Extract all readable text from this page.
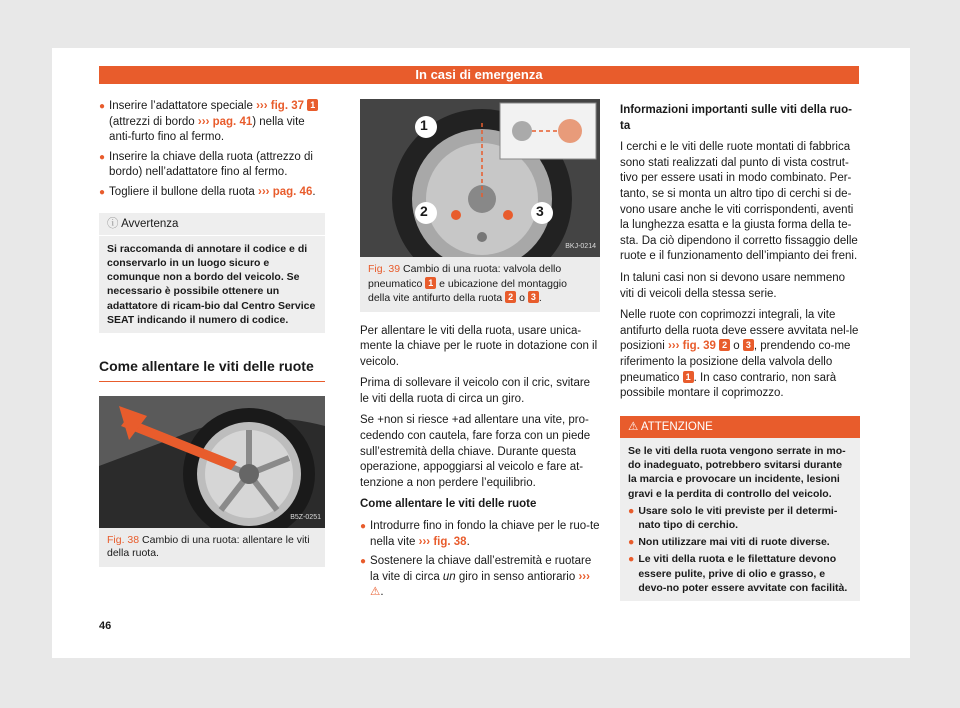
In casi di emergenza
● Inserire l’adattatore speciale ››› fig. 37 1 (attrezzi di bordo ››› pag. 41) nella vite anti-furto fino al fermo.
● Inserire la chiave della ruota (attrezzo di bordo) nell’adattatore fino al fermo.
● Togliere il bullone della ruota ››› pag. 46.
ⓘ Avvertenza
Si raccomanda di annotare il codice e di conservarlo in un luogo sicuro e comunque non a bordo del veicolo. Se necessario è possibile ottenere un adattatore di ricam-bio dal Centro Service SEAT indicando il numero di codice.
Come allentare le viti delle ruote
B5Z-0251
Fig. 38 Cambio di una ruota: allentare le viti della ruota.
1
2	3
BKJ-0214
Fig. 39 Cambio di una ruota: valvola dello pneumatico 1 e ubicazione del montaggio della vite antifurto della ruota 2 o 3 .

Per allentare le viti della ruota, usare unica-mente la chiave per le ruote in dotazione con il veicolo.

Prima di sollevare il veicolo con il cric, svitare le viti della ruota di circa un giro.

Se +non si riesce +ad allentare una vite, pro-cedendo con cautela, fare forza con un piede sull’estremità della chiave. Durante questa operazione, appoggiarsi al veicolo e fare at-tenzione a non perdere l’equilibrio.

Come allentare le viti delle ruote
● Introdurre fino in fondo la chiave per le ruo-te nella vite ››› fig. 38.
● Sostenere la chiave dall’estremità e ruotare la vite di circa un giro in senso antiorario ››› ⚠.
Informazioni importanti sulle viti della ruo-ta

I cerchi e le viti delle ruote montati di fabbrica sono stati realizzati dal punto di vista costrut-tivo per essere usati in modo combinato. Per-tanto, se si monta un altro tipo di cerchi si de-vono usare anche le viti corrispondenti, aventi la lunghezza esatta e la giusta forma della te-sta. Da ciò dipendono il corretto fissaggio delle ruote e il funzionamento dell’impianto dei freni.

In taluni casi non si devono usare nemmeno viti di veicoli della stessa serie.

Nelle ruote con coprimozzi integrali, la vite antifurto della ruota deve essere avvitata nel-le posizioni ››› fig. 39 2 o 3 , prendendo co-me riferimento la posizione della valvola dello pneumatico 1 . In caso contrario, non sarà possibile montare il coprimozzo.

⚠ ATTENZIONE
Se le viti della ruota vengono serrate in mo-do inadeguato, potrebbero svitarsi durante la marcia e provocare un incidente, lesioni gravi e la perdita di controllo del veicolo.
● Usare solo le viti previste per il determi-nato tipo di cerchio.
● Non utilizzare mai viti di ruote diverse.
● Le viti della ruota e le filettature devono essere pulite, prive di olio e grasso, e devo-no poter essere avvitate con facilità.
46
